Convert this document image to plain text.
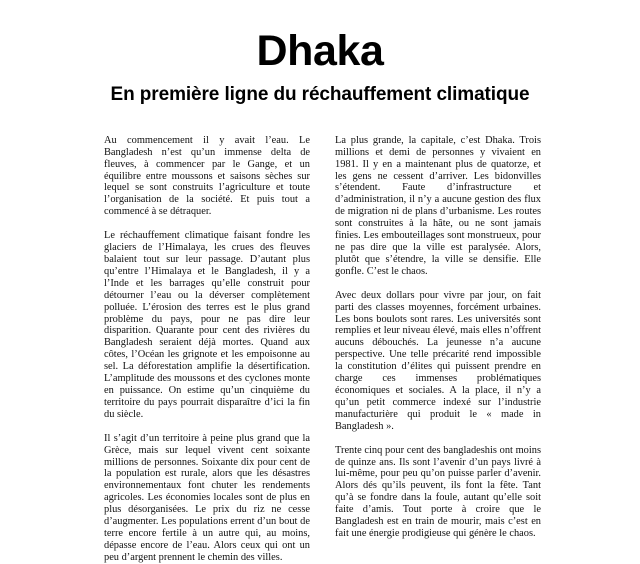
Dhaka
En première ligne du réchauffement climatique

Au commencement il y avait l’eau. Le Bangladesh n’est qu’un immense delta de fleuves, à commencer par le Gange, et un équilibre entre moussons et saisons sèches sur lequel se sont construits l’agriculture et toute l’organisation de la société. Et puis tout a commencé à se détraquer.

Le réchauffement climatique faisant fondre les glaciers de l’Himalaya, les crues des fleuves balaient tout sur leur passage. D’autant plus qu’entre l’Himalaya et le Bangladesh, il y a l’Inde et les barrages qu’elle construit pour détourner l’eau ou la déverser complètement polluée. L’érosion des terres est le plus grand problème du pays, pour ne pas dire leur disparition. Quarante pour cent des rivières du Bangladesh seraient déjà mortes. Quand aux côtes, l’Océan les grignote et les empoisonne au sel. La déforestation amplifie la désertification. L’amplitude des moussons et des cyclones monte en puissance. On estime qu’un cinquième du territoire du pays pourrait disparaître d’ici la fin du siècle.

Il s’agit d’un territoire à peine plus grand que la Grèce, mais sur lequel vivent cent soixante millions de personnes. Soixante dix pour cent de la population est rurale, alors que les désastres environnementaux font chuter les rendements agricoles. Les économies locales sont de plus en plus désorganisées. Le prix du riz ne cesse d’augmenter. Les populations errent d’un bout de terre encore fertile à un autre qui, au moins, dépasse encore de l’eau. Alors ceux qui ont un peu d’argent prennent le chemin des villes.

La plus grande, la capitale, c’est Dhaka. Trois millions et demi de personnes y vivaient en 1981. Il y en a maintenant plus de quatorze, et les gens ne cessent d’arriver. Les bidonvilles s’étendent. Faute d’infrastructure et d’administration, il n’y a aucune gestion des flux de migration ni de plans d’urbanisme. Les routes sont construites à la hâte, ou ne sont jamais finies. Les embouteillages sont monstrueux, pour ne pas dire que la ville est paralysée. Alors, plutôt que s’étendre, la ville se densifie. Elle gonfle. C’est le chaos.

Avec deux dollars pour vivre par jour, on fait parti des classes moyennes, forcément urbaines. Les bons boulots sont rares. Les universités sont remplies et leur niveau élevé, mais elles n’offrent aucuns débouchés. La jeunesse n’a aucune perspective. Une telle précarité rend impossible la constitution d’élites qui puissent prendre en charge ces immenses problématiques économiques et sociales. A la place, il n’y a qu’un petit commerce indexé sur l’industrie manufacturière qui produit le « made in Bangladesh ».

Trente cinq pour cent des bangladeshis ont moins de quinze ans. Ils sont l’avenir d’un pays livré à lui-même, pour peu qu’on puisse parler d’avenir. Alors dés qu’ils peuvent, ils font la fête. Tant qu’à se fondre dans la foule, autant qu’elle soit faite d’amis. Tout porte à croire que le Bangladesh est en train de mourir, mais c’est en fait une énergie prodigieuse qui génère le chaos.
